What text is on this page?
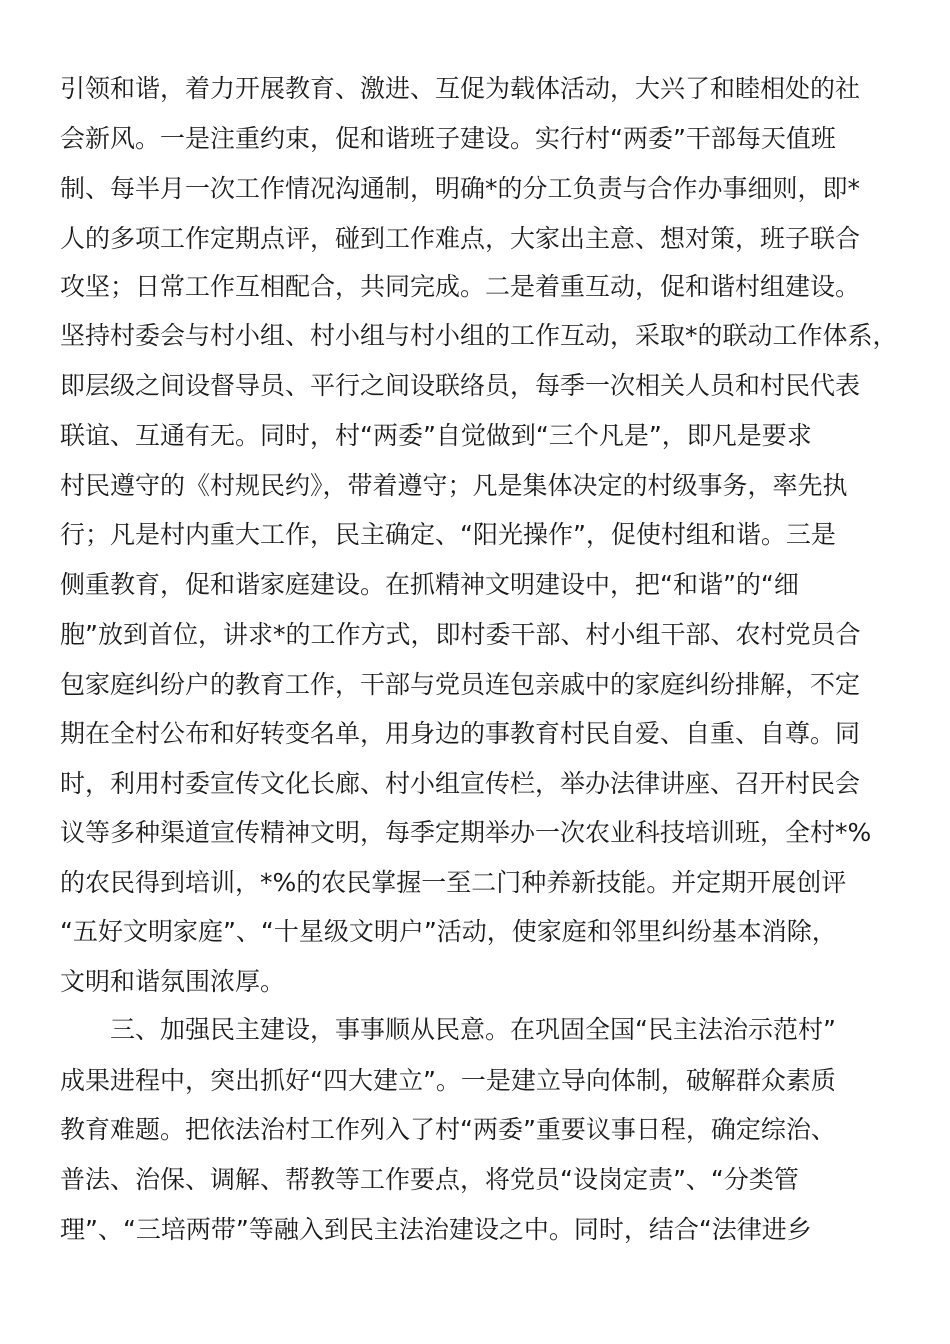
引领和谐，着力开展教育、激进、互促为载体活动，大兴了和睦相处的社
会新风。一是注重约束，促和谐班子建设。实行村“两委”干部每天值班
制、每半月一次工作情况沟通制，明确*的分工负责与合作办事细则，即*
人的多项工作定期点评，碰到工作难点，大家出主意、想对策，班子联合
攻坚；日常工作互相配合，共同完成。二是着重互动，促和谐村组建设。
坚持村委会与村小组、村小组与村小组的工作互动，采取*的联动工作体系，
即层级之间设督导员、平行之间设联络员，每季一次相关人员和村民代表
联谊、互通有无。同时，村“两委”自觉做到“三个凡是”，即凡是要求
村民遵守的《村规民约》，带着遵守；凡是集体决定的村级事务，率先执
行；凡是村内重大工作，民主确定、“阳光操作”，促使村组和谐。三是
侧重教育，促和谐家庭建设。在抓精神文明建设中，把“和谐”的“细
胞”放到首位，讲求*的工作方式，即村委干部、村小组干部、农村党员合
包家庭纠纷户的教育工作，干部与党员连包亲戚中的家庭纠纷排解，不定
期在全村公布和好转变名单，用身边的事教育村民自爱、自重、自尊。同
时，利用村委宣传文化长廊、村小组宣传栏，举办法律讲座、召开村民会
议等多种渠道宣传精神文明，每季定期举办一次农业科技培训班，全村*%
的农民得到培训，*%的农民掌握一至二门种养新技能。并定期开展创评
“五好文明家庭”、“十星级文明户”活动，使家庭和邻里纠纷基本消除，
文明和谐氛围浓厚。
三、加强民主建设，事事顺从民意。在巩固全国“民主法治示范村”
成果进程中，突出抓好“四大建立”。一是建立导向体制，破解群众素质
教育难题。把依法治村工作列入了村“两委”重要议事日程，确定综治、
普法、治保、调解、帮教等工作要点，将党员“设岗定责”、“分类管
理”、“三培两带”等融入到民主法治建设之中。同时，结合“法律进乡
